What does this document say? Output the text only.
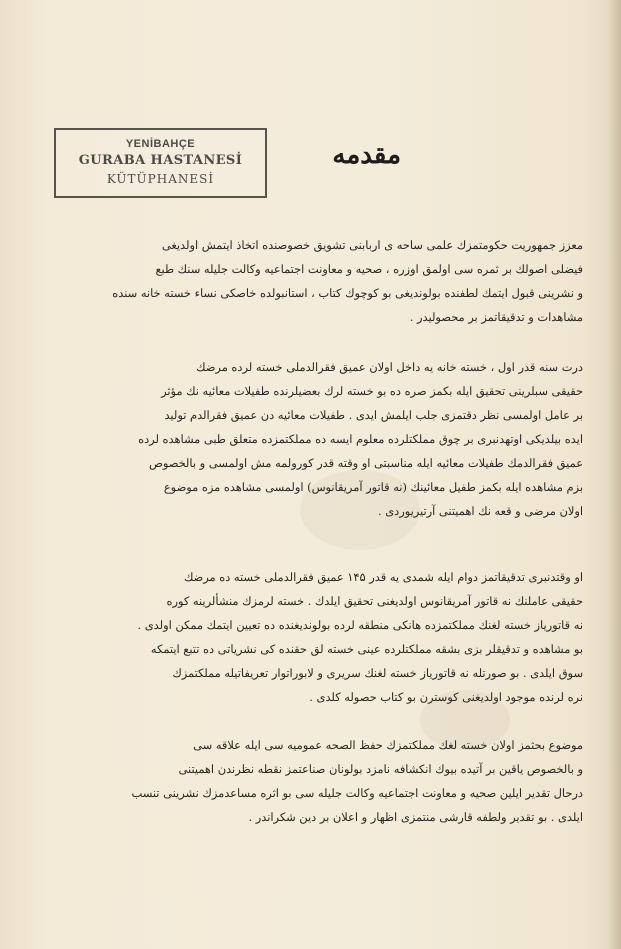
YENİBAHÇE
GURABA HASTANESİ
KÜTÜPHANESİ
مقدمه
معزز جمهوریت حکومتمزك علمی ساحه ی اربابنی تشویق خصوصنده اتخاذ ایتمش اولدیغی
فیضلی اصولك بر ثمره سی اولمق اوزره ، صحیه و معاونت اجتماعیه وکالت جلیله سنك طبع
و نشرینی قبول ایتمك لطفنده بولوندیغی بو کوچوك کتاب ، استانبولده خاصکی نساء خسته خانه سنده
مشاهدات و تدقیقاتمز بر محصولیدر .
درت سنه قدر اول ، خسته خانه یه داخل اولان عمیق فقرالدملی خسته لرده مرضك
حقیقی سبلرینی تحقیق ایله بکمز صره ده بو خسته لرك بعضیلرنده طفیلات معائیه نك مؤثر
بر عامل اولمسی نظر دقتمزی جلب ایلمش ایدی . طفیلات معائیه دن عمیق فقرالدم تولید
ایده بیلدیکی اوتهدنبری بر چوق مملکتلرده معلوم ایسه ده مملکتمزده متعلق طبی مشاهده لرده
عمیق فقرالدمك طفیلات معائیه ایله مناسبتی او وقته قدر کورولمه مش اولمسی و بالخصوص
بزم مشاهده ایله بکمز طفیل معائینك (نه قاتور آمریقانوس) اولمسی مشاهده مزه موضوع
اولان مرضی و قعه نك اهمیتنی آرتیریوردی .
او وقتدنبری تدقیقاتمز دوام ایله شمدی یه قدر ۱۴۵ عمیق فقرالدملی خسته ده مرضك
حقیقی عاملنك نه قاتور آمریقانوس اولدیغنی تحقیق ایلدك . خسته لرمزك منشألرینه کوره
نه قاتوریاز خسته لغنك مملکتمزده هانکی منطقه لرده بولوندیغنده ده تعیین ایتمك ممکن اولدی .
بو مشاهده و تدقیقلر بزی بشقه مملکتلرده عینی خسته لق حقنده کی نشریاتی ده تتبع ایتمکه
سوق ایلدی . بو صورتله نه قاتوریاز خسته لغنك سریری و لابوراتوار تعریفاتیله مملکتمزك
نره لرنده موجود اولدیغنی کوسترن بو کتاب حصوله کلدی .
موضوع بحثمز اولان خسته لغك مملکتمزك حفظ الصحه عمومیه سی ایله علاقه سی
و بالخصوص یاقین بر آتیده بیوك انکشافه نامزد بولونان صناعتمز نقطه نظرندن اهمیتنی
درحال تقدیر ایلین صحیه و معاونت اجتماعیه وکالت جلیله سی بو اثره مساعدمزك نشرینی تنسب
ایلدی . بو تقدیر ولطفه قارشی منتمزی اظهار و اعلان بر دین شکراندر .
